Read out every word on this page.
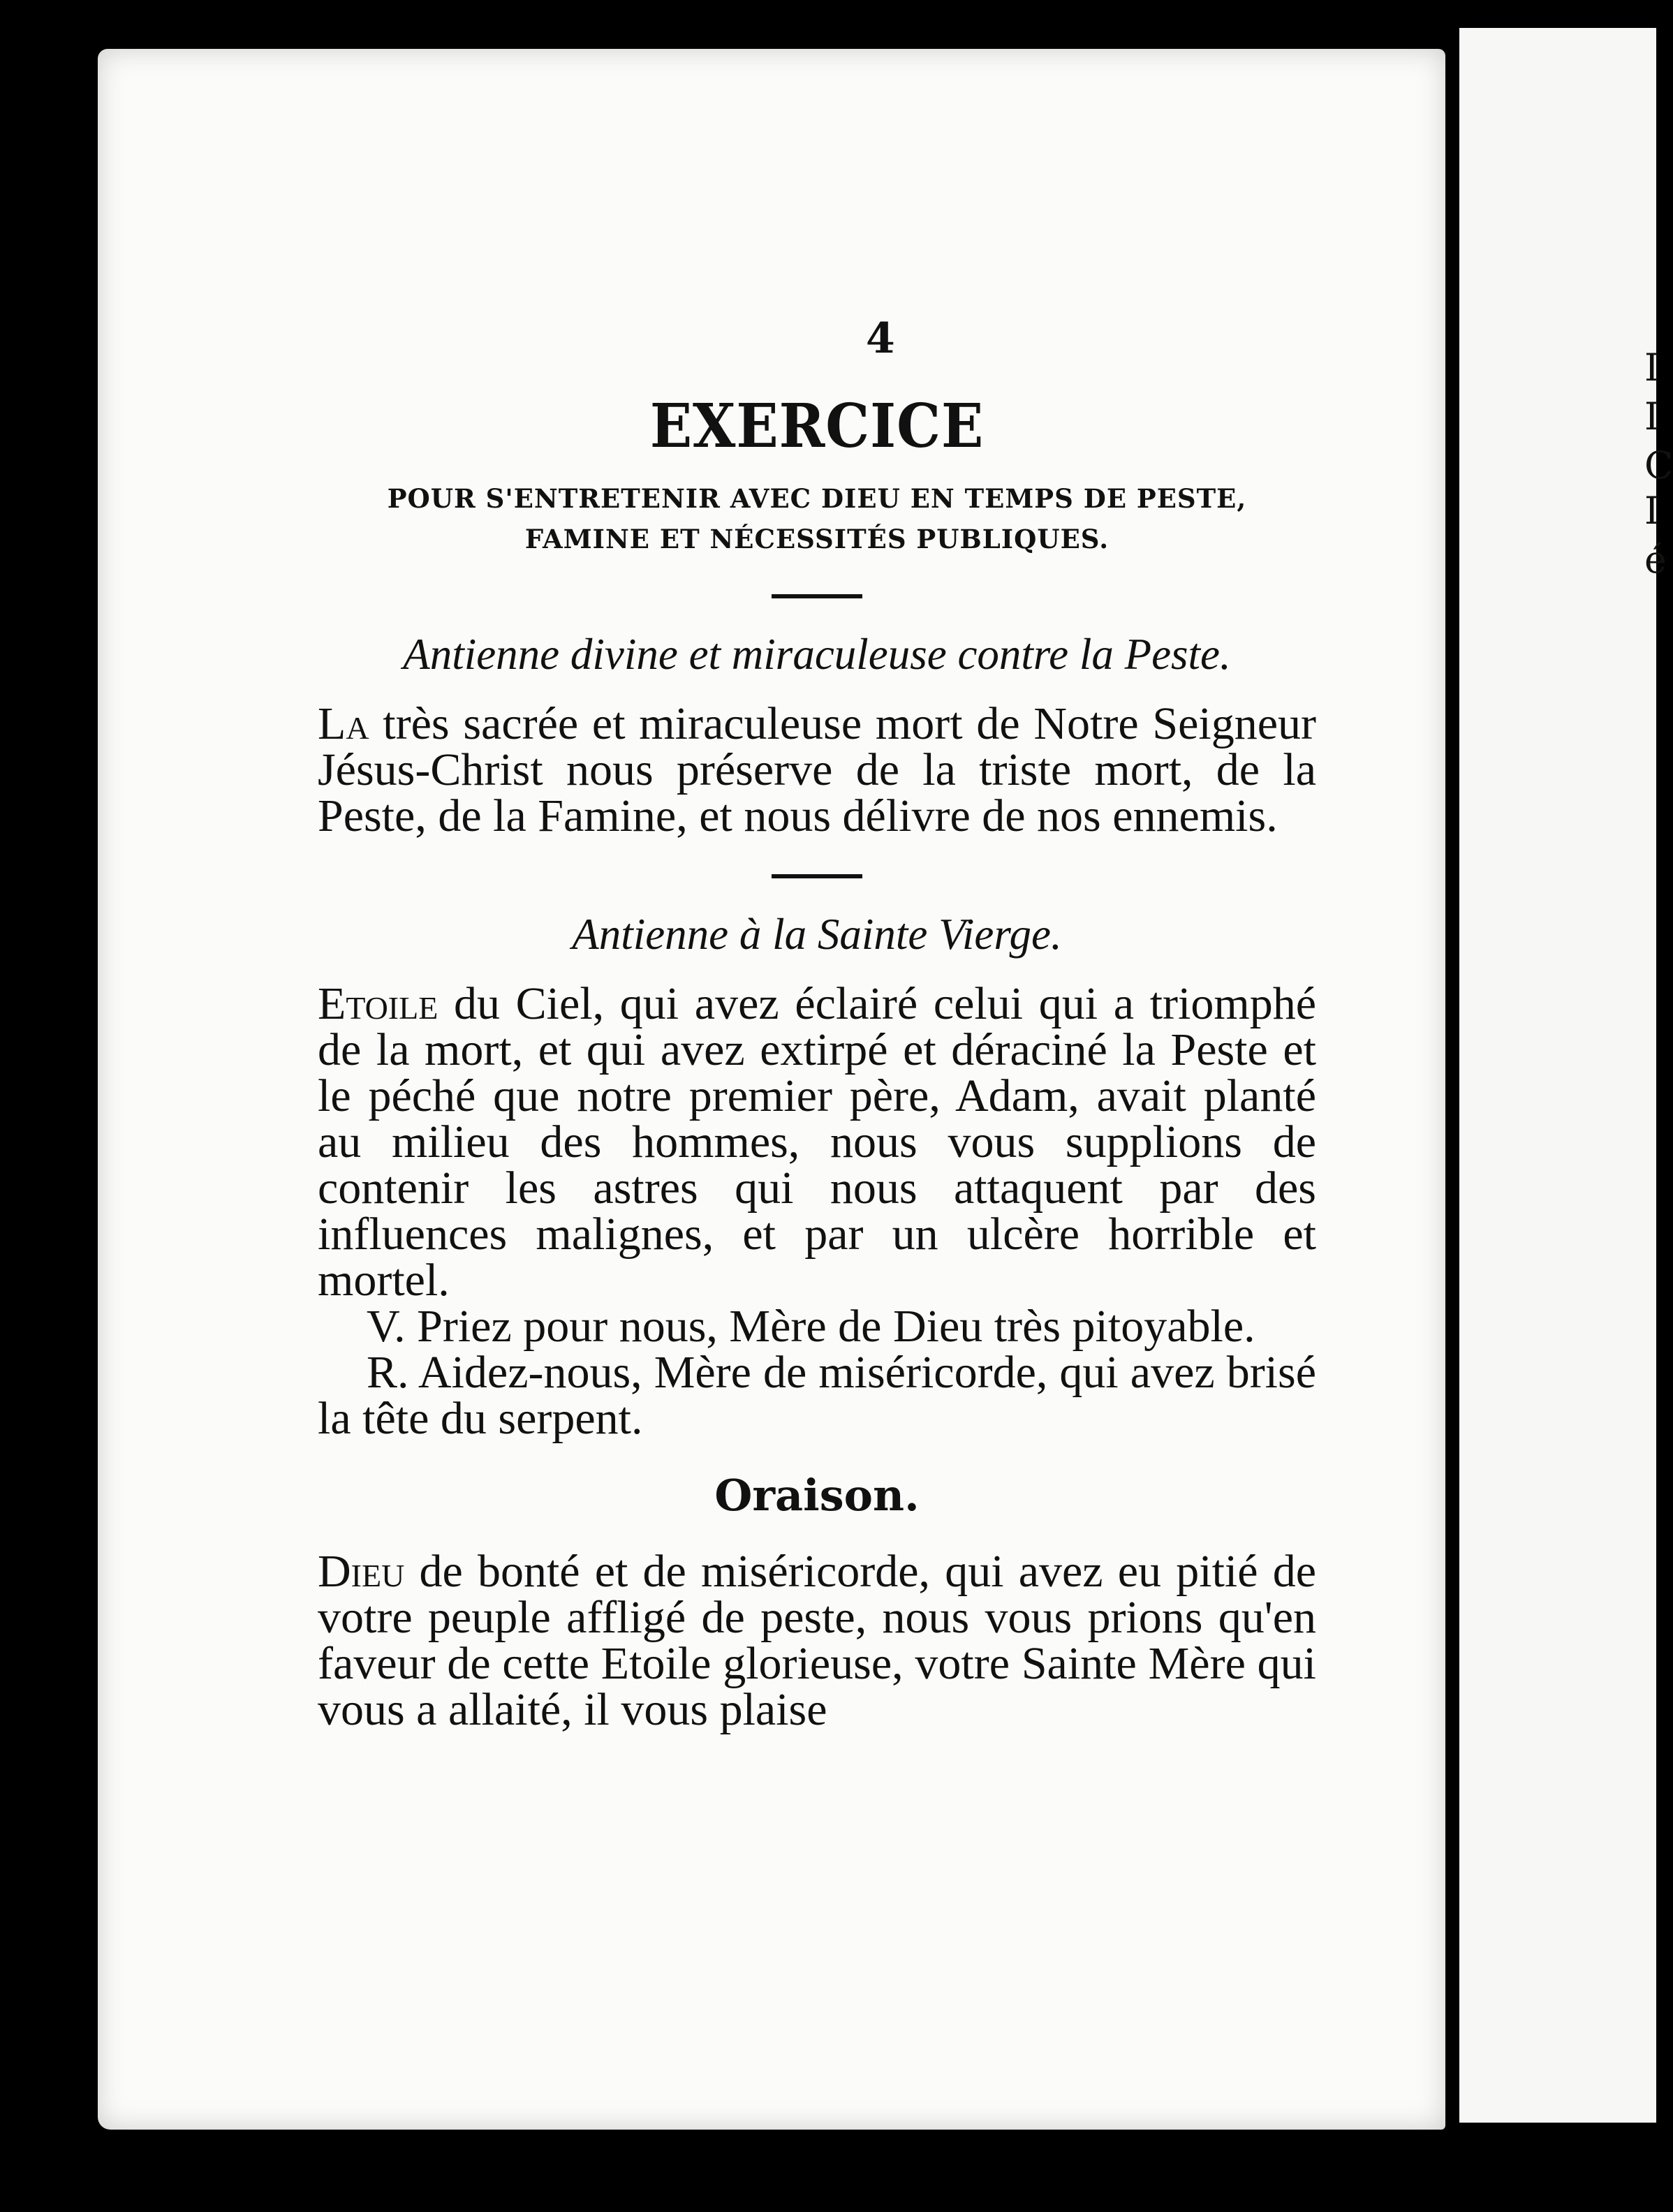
I
I
C
I
é
4
EXERCICE

POUR S'ENTRETENIR AVEC DIEU EN TEMPS DE PESTE,

FAMINE ET NÉCESSITÉS PUBLIQUES.

Antienne divine et miraculeuse contre la Peste.

La très sacrée et miraculeuse mort de Notre Seigneur Jésus-Christ nous préserve de la triste mort, de la Peste, de la Famine, et nous délivre de nos ennemis.

Antienne à la Sainte Vierge.

Etoile du Ciel, qui avez éclairé celui qui a triomphé de la mort, et qui avez extirpé et déraciné la Peste et le péché que notre premier père, Adam, avait planté au milieu des hommes, nous vous supplions de contenir les astres qui nous attaquent par des influences malignes, et par un ulcère horrible et mortel.

V. Priez pour nous, Mère de Dieu très pitoyable.

R. Aidez-nous, Mère de miséricorde, qui avez brisé la tête du serpent.

Oraison.

Dieu de bonté et de miséricorde, qui avez eu pitié de votre peuple affligé de peste, nous vous prions qu'en faveur de cette Etoile glorieuse, votre Sainte Mère qui vous a allaité, il vous plaise
